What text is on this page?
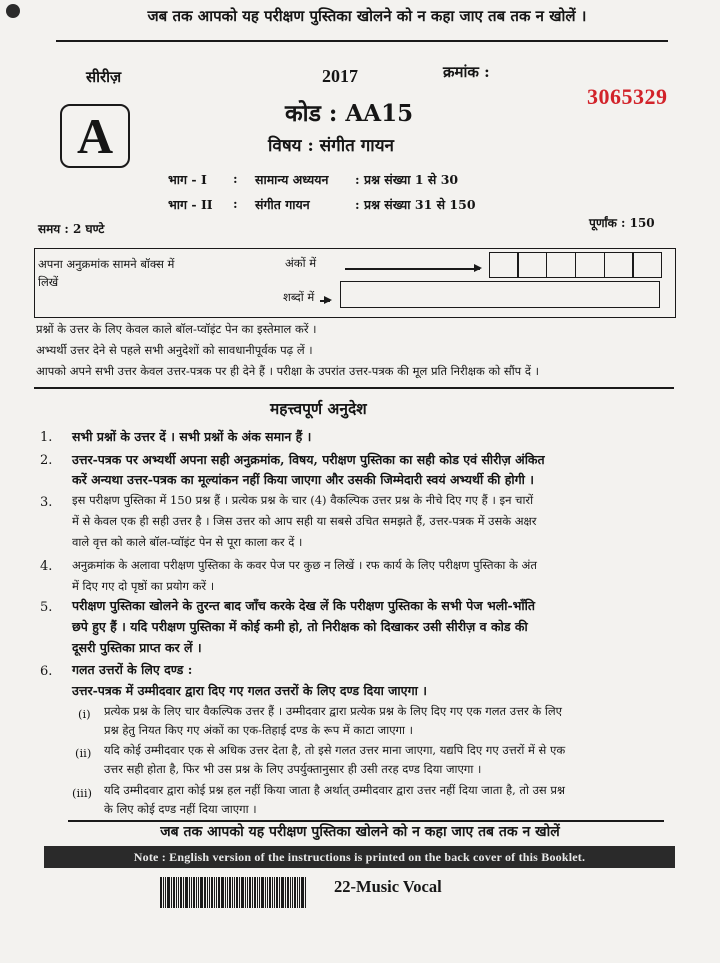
जब तक आपको यह परीक्षण पुस्तिका खोलने को न कहा जाए तब तक न खोलें ।
सीरीज़	2017	क्रमांक :
3065329
कोड : AA15
A	विषय : संगीत गायन
भाग - I : सामान्य अध्ययन : प्रश्न संख्या 1 से 30
भाग - II : संगीत गायन	: प्रश्न संख्या 31 से 150
समय : 2 घण्टे	पूर्णांक : 150
अपना अनुक्रमांक सामने बॉक्स में
लिखें
अंकों में
शब्दों में
प्रश्नों के उत्तर के लिए केवल काले बॉल-प्वॉइंट पेन का इस्तेमाल करें ।
अभ्यर्थी उत्तर देने से पहले सभी अनुदेशों को सावधानीपूर्वक पढ़ लें ।
आपको अपने सभी उत्तर केवल उत्तर-पत्रक पर ही देने हैं । परीक्षा के उपरांत उत्तर-पत्रक की मूल प्रति निरीक्षक को सौंप दें ।
महत्त्वपूर्ण अनुदेश
1. सभी प्रश्नों के उत्तर दें । सभी प्रश्नों के अंक समान हैं ।
2. उत्तर-पत्रक पर अभ्यर्थी अपना सही अनुक्रमांक, विषय, परीक्षण पुस्तिका का सही कोड एवं सीरीज़ अंकित
करें अन्यथा उत्तर-पत्रक का मूल्यांकन नहीं किया जाएगा और उसकी जिम्मेदारी स्वयं अभ्यर्थी की होगी ।
3. इस परीक्षण पुस्तिका में 150 प्रश्न हैं । प्रत्येक प्रश्न के चार (4) वैकल्पिक उत्तर प्रश्न के नीचे दिए गए हैं । इन चारों
में से केवल एक ही सही उत्तर है । जिस उत्तर को आप सही या सबसे उचित समझते हैं, उत्तर-पत्रक में उसके अक्षर
वाले वृत्त को काले बॉल-प्वॉइंट पेन से पूरा काला कर दें ।
4. अनुक्रमांक के अलावा परीक्षण पुस्तिका के कवर पेज पर कुछ न लिखें । रफ कार्य के लिए परीक्षण पुस्तिका के अंत
में दिए गए दो पृष्ठों का प्रयोग करें ।
5. परीक्षण पुस्तिका खोलने के तुरन्त बाद जाँच करके देख लें कि परीक्षण पुस्तिका के सभी पेज भली-भाँति
छपे हुए हैं । यदि परीक्षण पुस्तिका में कोई कमी हो, तो निरीक्षक को दिखाकर उसी सीरीज़ व कोड की
दूसरी पुस्तिका प्राप्त कर लें ।
6. गलत उत्तरों के लिए दण्ड :
उत्तर-पत्रक में उम्मीदवार द्वारा दिए गए गलत उत्तरों के लिए दण्ड दिया जाएगा ।
(i) प्रत्येक प्रश्न के लिए चार वैकल्पिक उत्तर हैं । उम्मीदवार द्वारा प्रत्येक प्रश्न के लिए दिए गए एक गलत उत्तर के लिए
प्रश्न हेतु नियत किए गए अंकों का एक-तिहाई दण्ड के रूप में काटा जाएगा ।
(ii) यदि कोई उम्मीदवार एक से अधिक उत्तर देता है, तो इसे गलत उत्तर माना जाएगा, यद्यपि दिए गए उत्तरों में से एक
उत्तर सही होता है, फिर भी उस प्रश्न के लिए उपर्युक्तानुसार ही उसी तरह दण्ड दिया जाएगा ।
(iii) यदि उम्मीदवार द्वारा कोई प्रश्न हल नहीं किया जाता है अर्थात् उम्मीदवार द्वारा उत्तर नहीं दिया जाता है, तो उस प्रश्न
के लिए कोई दण्ड नहीं दिया जाएगा ।
जब तक आपको यह परीक्षण पुस्तिका खोलने को न कहा जाए तब तक न खोलें
Note : English version of the instructions is printed on the back cover of this Booklet.
22-Music Vocal
